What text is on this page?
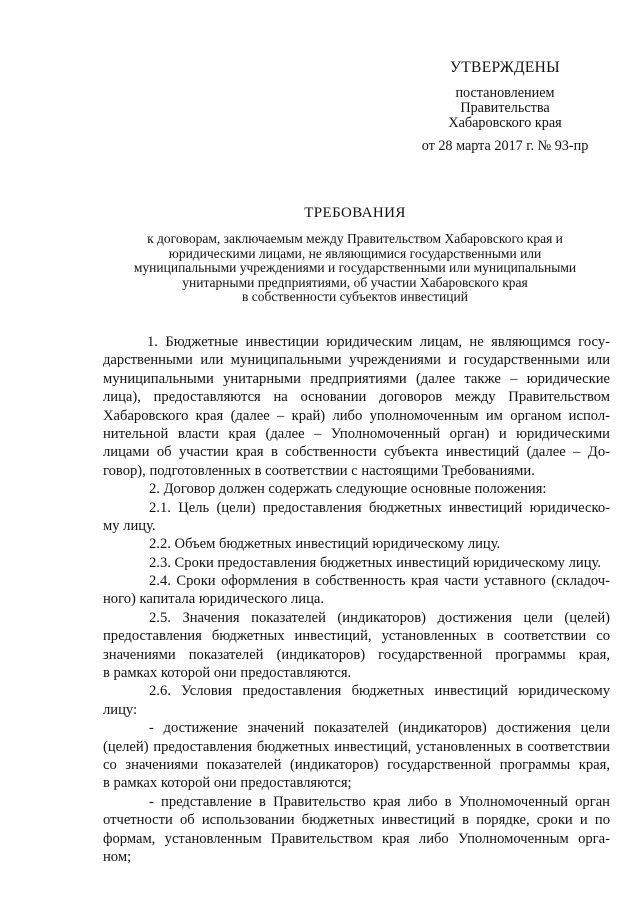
УТВЕРЖДЕНЫ
постановлением
Правительства
Хабаровского края
от 28 марта 2017 г. № 93-пр
ТРЕБОВАНИЯ
к договорам, заключаемым между Правительством Хабаровского края и
юридическими лицами, не являющимися государственными или
муниципальными учреждениями и государственными или муниципальными
унитарными предприятиями, об участии Хабаровского края
в собственности субъектов инвестиций
1. Бюджетные инвестиции юридическим лицам, не являющимся госу-
дарственными или муниципальными учреждениями и государственными или
муниципальными унитарными предприятиями (далее также – юридические
лица), предоставляются на основании договоров между Правительством
Хабаровского края (далее – край) либо уполномоченным им органом испол-
нительной власти края (далее – Уполномоченный орган) и юридическими
лицами об участии края в собственности субъекта инвестиций (далее – До-
говор), подготовленных в соответствии с настоящими Требованиями.
2. Договор должен содержать следующие основные положения:
2.1. Цель (цели) предоставления бюджетных инвестиций юридическо-
му лицу.
2.2. Объем бюджетных инвестиций юридическому лицу.
2.3. Сроки предоставления бюджетных инвестиций юридическому лицу.
2.4. Сроки оформления в собственность края части уставного (складоч-
ного) капитала юридического лица.
2.5. Значения показателей (индикаторов) достижения цели (целей)
предоставления бюджетных инвестиций, установленных в соответствии со
значениями показателей (индикаторов) государственной программы края,
в рамках которой они предоставляются.
2.6. Условия предоставления бюджетных инвестиций юридическому
лицу:
- достижение значений показателей (индикаторов) достижения цели
(целей) предоставления бюджетных инвестиций, установленных в соответствии
со значениями показателей (индикаторов) государственной программы края,
в рамках которой они предоставляются;
- представление в Правительство края либо в Уполномоченный орган
отчетности об использовании бюджетных инвестиций в порядке, сроки и по
формам, установленным Правительством края либо Уполномоченным орга-
ном;
